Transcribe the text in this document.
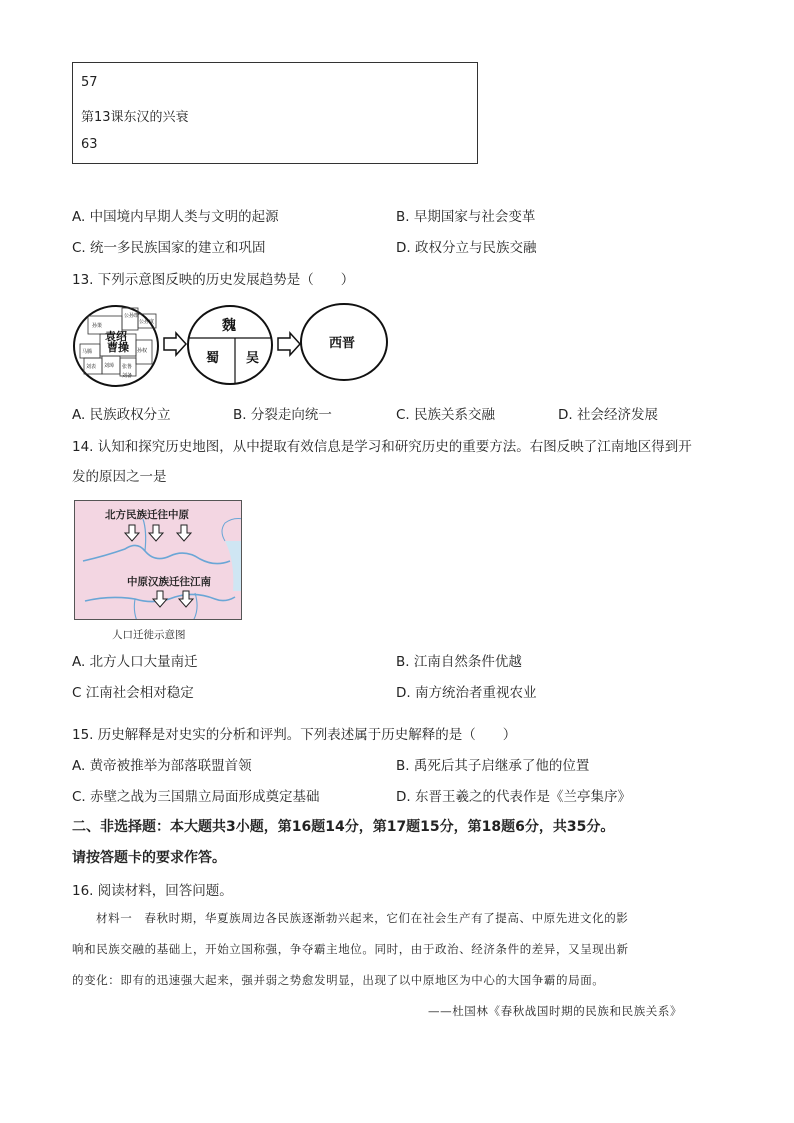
57
第13课东汉的兴衰
63
A. 中国境内早期人类与文明的起源	B. 早期国家与社会变革
C. 统一多民族国家的建立和巩固	D. 政权分立与民族交融
13. 下列示意图反映的历史发展趋势是（　　）
袁绍
曹操
公孙瓒
公孙度
马腾
刘表 刘璋 张鲁
孙权
孙策
刘备
魏
蜀 吴
西晋
A. 民族政权分立	B. 分裂走向统一	C. 民族关系交融	D. 社会经济发展
14. 认知和探究历史地图，从中提取有效信息是学习和研究历史的重要方法。右图反映了江南地区得到开
发的原因之一是
北方民族迁往中原
中原汉族迁往江南
人口迁徙示意图
A. 北方人口大量南迁	B. 江南自然条件优越
C 江南社会相对稳定	D. 南方统治者重视农业
15. 历史解释是对史实的分析和评判。下列表述属于历史解释的是（　　）
A. 黄帝被推举为部落联盟首领	B. 禹死后其子启继承了他的位置
C. 赤壁之战为三国鼎立局面形成奠定基础	D. 东晋王羲之的代表作是《兰亭集序》
二、非选择题：本大题共3小题，第16题14分，第17题15分，第18题6分，共35分。
请按答题卡的要求作答。
16. 阅读材料，回答问题。
材料一　春秋时期，华夏族周边各民族逐渐勃兴起来，它们在社会生产有了提高、中原先进文化的影
响和民族交融的基础上，开始立国称强，争夺霸主地位。同时，由于政治、经济条件的差异，又呈现出新
的变化：即有的迅速强大起来，强并弱之势愈发明显，出现了以中原地区为中心的大国争霸的局面。
——杜国林《春秋战国时期的民族和民族关系》
